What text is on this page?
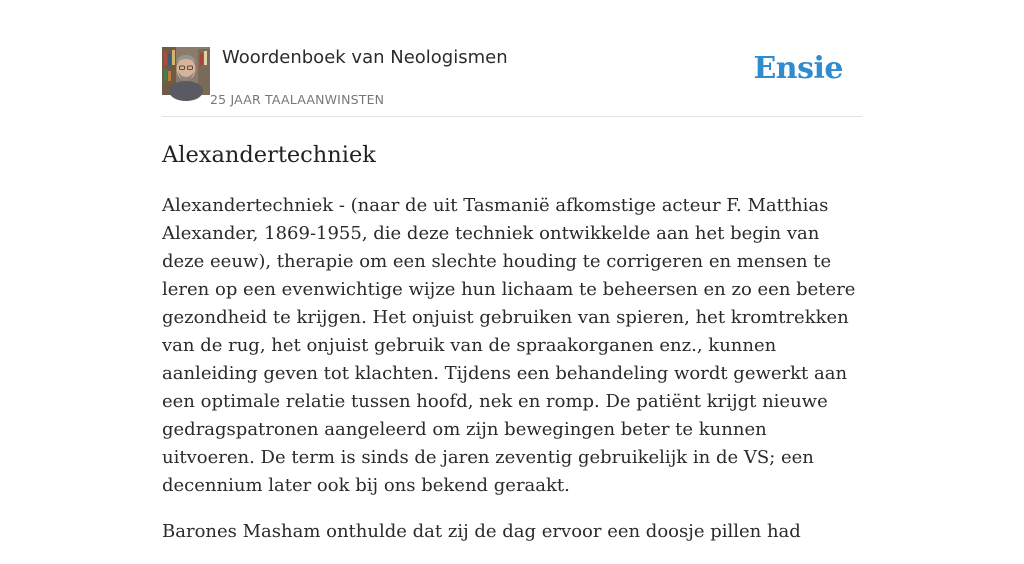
Woordenboek van Neologismen
25 JAAR TAALAANWINSTEN
Ensie
Alexandertechniek

Alexandertechniek - (naar de uit Tasmanië afkomstige acteur F. Matthias Alexander, 1869-1955, die deze techniek ontwikkelde aan het begin van deze eeuw), therapie om een slechte houding te corrigeren en mensen te leren op een evenwichtige wijze hun lichaam te beheersen en zo een betere gezondheid te krijgen. Het onjuist gebruiken van spieren, het kromtrekken van de rug, het onjuist gebruik van de spraakorganen enz., kunnen aanleiding geven tot klachten. Tijdens een behandeling wordt gewerkt aan een optimale relatie tussen hoofd, nek en romp. De patiënt krijgt nieuwe gedragspatronen aangeleerd om zijn bewegingen beter te kunnen uitvoeren. De term is sinds de jaren zeventig gebruikelijk in de VS; een decennium later ook bij ons bekend geraakt.

Barones Masham onthulde dat zij de dag ervoor een doosje pillen had
